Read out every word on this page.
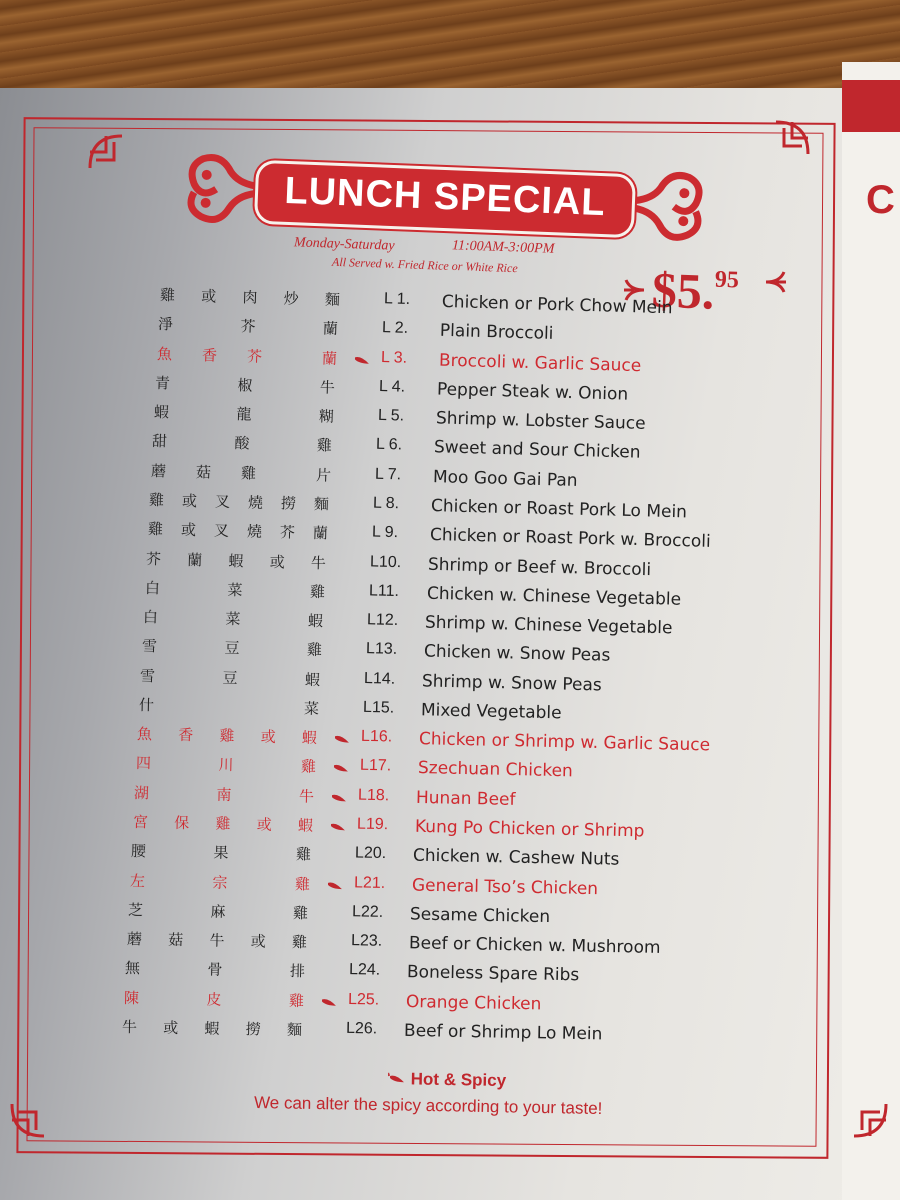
C
LUNCH SPECIAL
Monday-Saturday	11:00AM-3:00PM
All Served w. Fried Rice or White Rice	$5.95
雞 或 肉 炒 麵	L 1. Chicken or Pork Chow Mein
淨	芥	蘭	L 2. Plain Broccoli
魚 香 芥	蘭	L 3. Broccoli w. Garlic Sauce
青	椒	牛	L 4. Pepper Steak w. Onion
蝦	龍	糊	L 5. Shrimp w. Lobster Sauce
甜	酸	雞	L 6. Sweet and Sour Chicken
蘑 菇 雞	片	L 7. Moo Goo Gai Pan
雞 或 叉 燒 撈 麵	L 8. Chicken or Roast Pork Lo Mein
雞 或 叉 燒 芥 蘭	L 9. Chicken or Roast Pork w. Broccoli
芥 蘭 蝦 或 牛	L10. Shrimp or Beef w. Broccoli
白	菜	雞	L11. Chicken w. Chinese Vegetable
白	菜	蝦	L12. Shrimp w. Chinese Vegetable
雪	豆	雞	L13. Chicken w. Snow Peas
雪	豆	蝦	L14. Shrimp w. Snow Peas
什	菜	L15. Mixed Vegetable
魚 香 雞 或 蝦	L16. Chicken or Shrimp w. Garlic Sauce
四	川	雞	L17. Szechuan Chicken
湖	南	牛	L18. Hunan Beef
宮 保 雞 或 蝦	L19. Kung Po Chicken or Shrimp
腰	果	雞	L20. Chicken w. Cashew Nuts
左	宗	雞	L21. General Tso’s Chicken
芝	麻	雞	L22. Sesame Chicken
蘑 菇 牛 或 雞	L23. Beef or Chicken w. Mushroom
無	骨	排	L24. Boneless Spare Ribs
陳	皮	雞	L25. Orange Chicken
牛 或 蝦 撈 麵	L26. Beef or Shrimp Lo Mein
Hot & Spicy
We can alter the spicy according to your taste!
